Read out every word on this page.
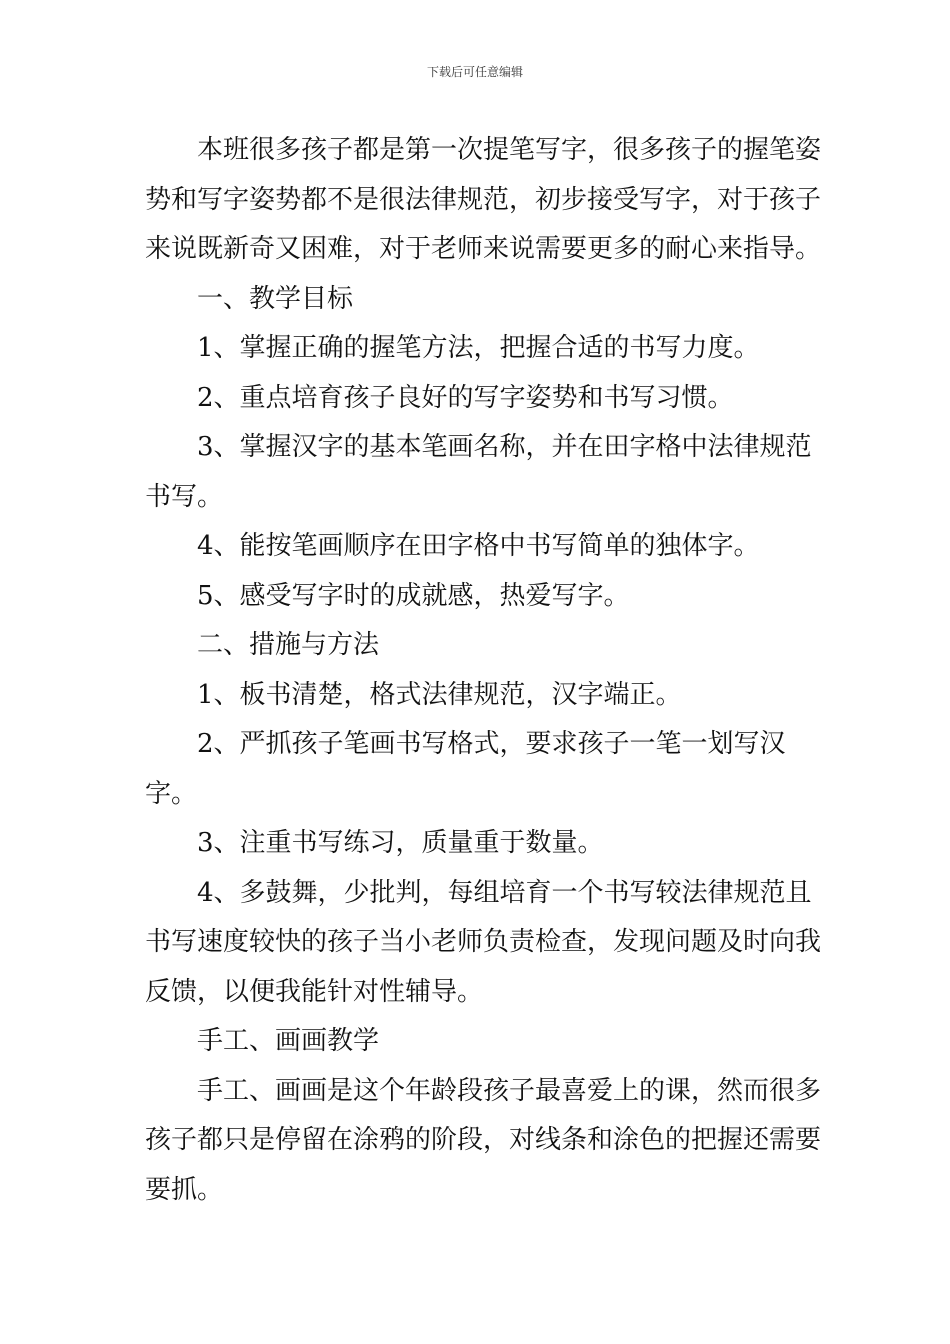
下载后可任意编辑

本班很多孩子都是第一次提笔写字，很多孩子的握笔姿势和写字姿势都不是很法律规范，初步接受写字，对于孩子来说既新奇又困难，对于老师来说需要更多的耐心来指导。

一、教学目标

1、掌握正确的握笔方法，把握合适的书写力度。

2、重点培育孩子良好的写字姿势和书写习惯。

3、掌握汉字的基本笔画名称，并在田字格中法律规范书写。

4、能按笔画顺序在田字格中书写简单的独体字。

5、感受写字时的成就感，热爱写字。

二、措施与方法

1、板书清楚，格式法律规范，汉字端正。

2、严抓孩子笔画书写格式，要求孩子一笔一划写汉字。

3、注重书写练习，质量重于数量。

4、多鼓舞，少批判，每组培育一个书写较法律规范且书写速度较快的孩子当小老师负责检查，发现问题及时向我反馈，以便我能针对性辅导。

手工、画画教学

手工、画画是这个年龄段孩子最喜爱上的课，然而很多孩子都只是停留在涂鸦的阶段，对线条和涂色的把握还需要要抓。
